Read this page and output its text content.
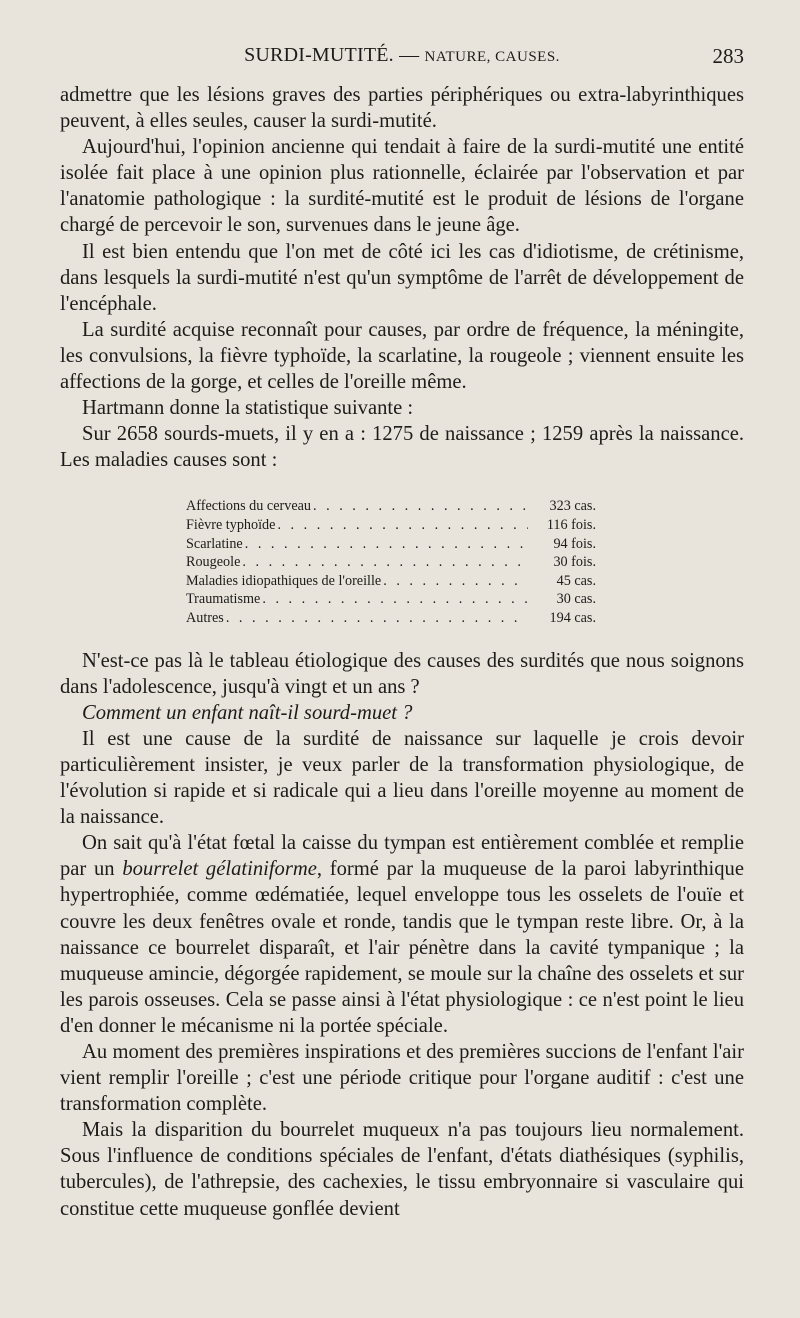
SURDI-MUTITÉ. — NATURE, CAUSES.	283

admettre que les lésions graves des parties périphériques ou extra-labyrinthiques peuvent, à elles seules, causer la surdi-mutité.

Aujourd'hui, l'opinion ancienne qui tendait à faire de la surdi-mutité une entité isolée fait place à une opinion plus rationnelle, éclairée par l'observation et par l'anatomie pathologique : la surdité-mutité est le produit de lésions de l'organe chargé de percevoir le son, survenues dans le jeune âge.

Il est bien entendu que l'on met de côté ici les cas d'idiotisme, de crétinisme, dans lesquels la surdi-mutité n'est qu'un symptôme de l'arrêt de développement de l'encéphale.

La surdité acquise reconnaît pour causes, par ordre de fréquence, la méningite, les convulsions, la fièvre typhoïde, la scarlatine, la rougeole ; viennent ensuite les affections de la gorge, et celles de l'oreille même.

Hartmann donne la statistique suivante :

Sur 2658 sourds-muets, il y en a : 1275 de naissance ; 1259 après la naissance. Les maladies causes sont :

Affections du cerveau . . .	323 cas.
Fièvre typhoïde . . .	116 fois.
Scarlatine . . .	94 fois.
Rougeole . . .	30 fois.
Maladies idiopathiques de l'oreille . . .	45 cas.
Traumatisme . . .	30 cas.
Autres . . .	194 cas.

N'est-ce pas là le tableau étiologique des causes des surdités que nous soignons dans l'adolescence, jusqu'à vingt et un ans ?

Comment un enfant naît-il sourd-muet ?

Il est une cause de la surdité de naissance sur laquelle je crois devoir particulièrement insister, je veux parler de la transformation physiologique, de l'évolution si rapide et si radicale qui a lieu dans l'oreille moyenne au moment de la naissance.

On sait qu'à l'état fœtal la caisse du tympan est entièrement comblée et remplie par un bourrelet gélatiniforme, formé par la muqueuse de la paroi labyrinthique hypertrophiée, comme œdématiée, lequel enveloppe tous les osselets de l'ouïe et couvre les deux fenêtres ovale et ronde, tandis que le tympan reste libre. Or, à la naissance ce bourrelet disparaît, et l'air pénètre dans la cavité tympanique ; la muqueuse amincie, dégorgée rapidement, se moule sur la chaîne des osselets et sur les parois osseuses. Cela se passe ainsi à l'état physiologique : ce n'est point le lieu d'en donner le mécanisme ni la portée spéciale.

Au moment des premières inspirations et des premières succions de l'enfant l'air vient remplir l'oreille ; c'est une période critique pour l'organe auditif : c'est une transformation complète.

Mais la disparition du bourrelet muqueux n'a pas toujours lieu normalement. Sous l'influence de conditions spéciales de l'enfant, d'états diathésiques (syphilis, tubercules), de l'athrepsie, des cachexies, le tissu embryonnaire si vasculaire qui constitue cette muqueuse gonflée devient
